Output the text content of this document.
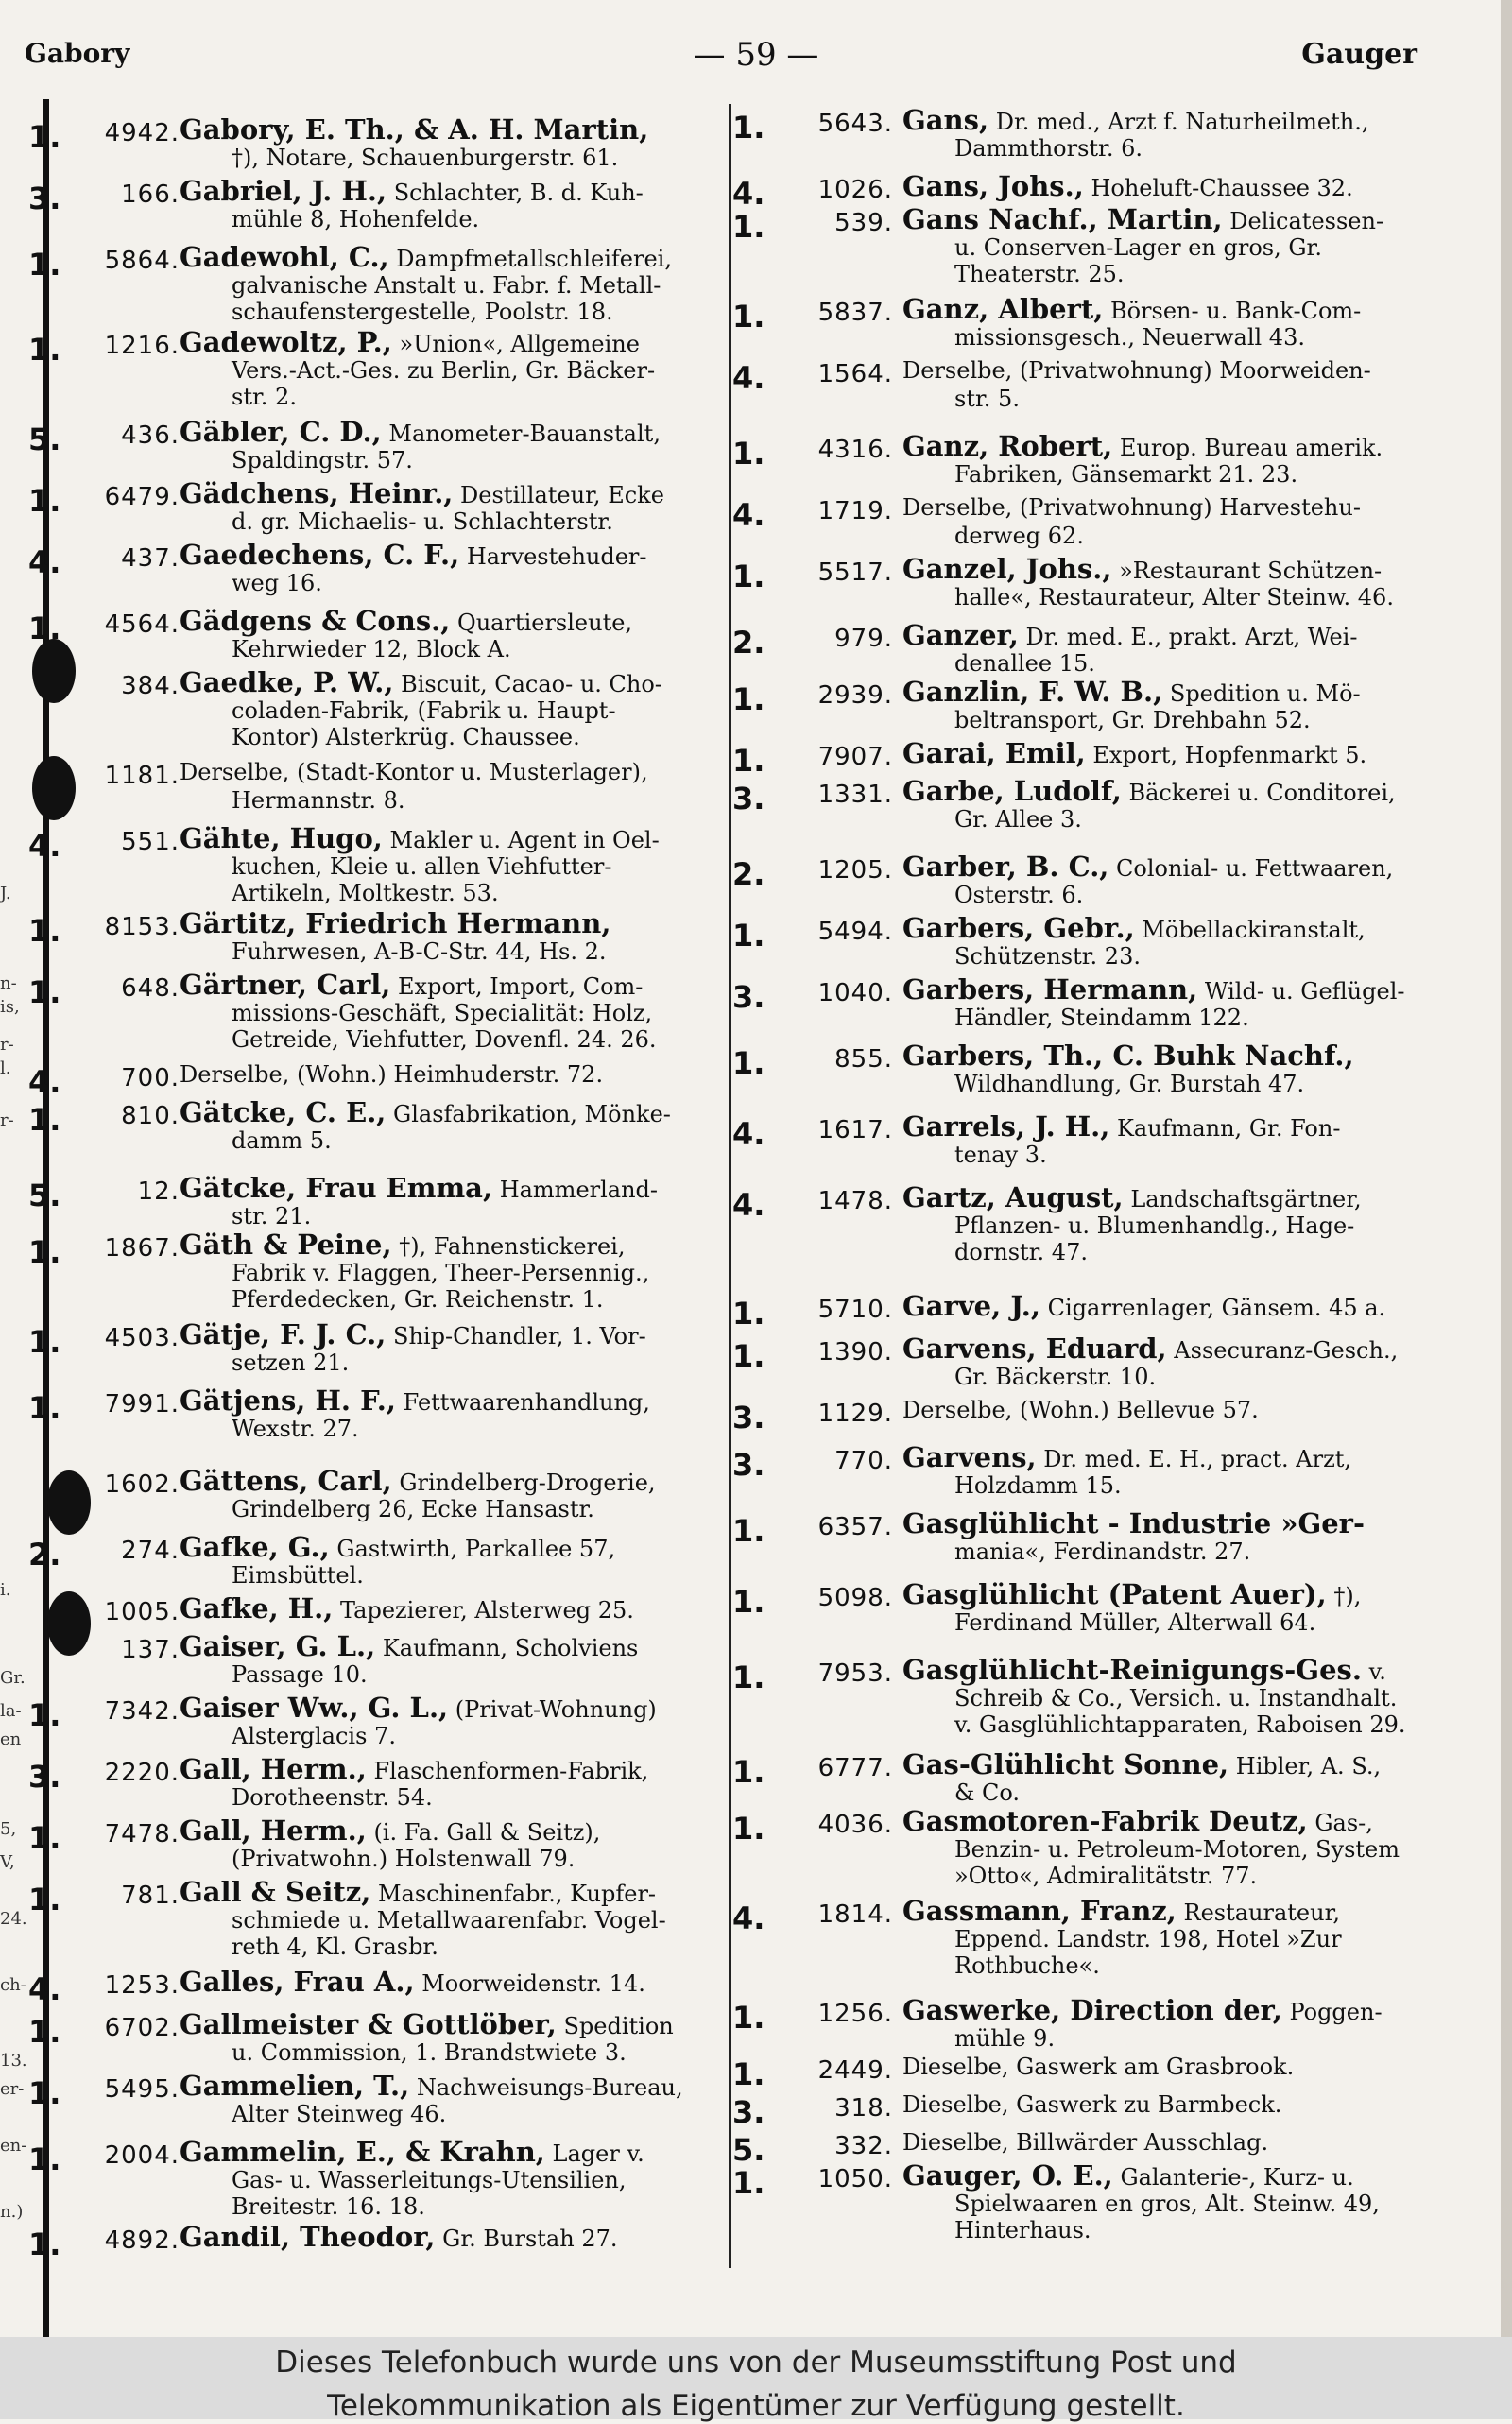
Gabory	— 59 —	Gauger
i.
Gr.
la-
en
5,
V,
24.
ch-
13.
er-
en-
n.)
J.
n-
is,
r-
l.
r-
1.	4942. Gabory, E. Th., & A. H. Martin,
†), Notare, Schauenburgerstr. 61.
3.	166. Gabriel, J. H., Schlachter, B. d. Kuh-
mühle 8, Hohenfelde.
1.	5864. Gadewohl, C., Dampfmetallschleiferei,
galvanische Anstalt u. Fabr. f. Metall-
schaufenstergestelle, Poolstr. 18.
1.	1216. Gadewoltz, P., »Union«, Allgemeine
Vers.-Act.-Ges. zu Berlin, Gr. Bäcker-
str. 2.
5.	436. Gäbler, C. D., Manometer-Bauanstalt,
Spaldingstr. 57.
1.	6479. Gädchens, Heinr., Destillateur, Ecke
d. gr. Michaelis- u. Schlachterstr.
4.	437. Gaedechens, C. F., Harvestehuder-
weg 16.
1.	4564. Gädgens & Cons., Quartiersleute,
Kehrwieder 12, Block A.
384. Gaedke, P. W., Biscuit, Cacao- u. Cho-
coladen-Fabrik, (Fabrik u. Haupt-
Kontor) Alsterkrüg. Chaussee.
1181. Derselbe, (Stadt-Kontor u. Musterlager),
Hermannstr. 8.
4.	551. Gähte, Hugo, Makler u. Agent in Oel-
kuchen, Kleie u. allen Viehfutter-
Artikeln, Moltkestr. 53.
1.	8153. Gärtitz, Friedrich Hermann,
Fuhrwesen, A-B-C-Str. 44, Hs. 2.
1.	648. Gärtner, Carl, Export, Import, Com-
missions-Geschäft, Specialität: Holz,
Getreide, Viehfutter, Dovenfl. 24. 26.
4.	700. Derselbe, (Wohn.) Heimhuderstr. 72.
1.	810. Gätcke, C. E., Glasfabrikation, Mönke-
damm 5.
5.	12. Gätcke, Frau Emma, Hammerland-
str. 21.
1.	1867. Gäth & Peine, †), Fahnenstickerei,
Fabrik v. Flaggen, Theer-Persennig.,
Pferdedecken, Gr. Reichenstr. 1.
1.	4503. Gätje, F. J. C., Ship-Chandler, 1. Vor-
setzen 21.
1.	7991. Gätjens, H. F., Fettwaarenhandlung,
Wexstr. 27.
1602. Gättens, Carl, Grindelberg-Drogerie,
Grindelberg 26, Ecke Hansastr.
2.	274. Gafke, G., Gastwirth, Parkallee 57,
Eimsbüttel.
1005. Gafke, H., Tapezierer, Alsterweg 25.
137. Gaiser, G. L., Kaufmann, Scholviens
Passage 10.
1.	7342. Gaiser Ww., G. L., (Privat-Wohnung)
Alsterglacis 7.
3.	2220. Gall, Herm., Flaschenformen-Fabrik,
Dorotheenstr. 54.
1.	7478. Gall, Herm., (i. Fa. Gall & Seitz),
(Privatwohn.) Holstenwall 79.
1.	781. Gall & Seitz, Maschinenfabr., Kupfer-
schmiede u. Metallwaarenfabr. Vogel-
reth 4, Kl. Grasbr.
4.	1253. Galles, Frau A., Moorweidenstr. 14.
1.	6702. Gallmeister & Gottlöber, Spedition
u. Commission, 1. Brandstwiete 3.
1.	5495. Gammelien, T., Nachweisungs-Bureau,
Alter Steinweg 46.
1.	2004. Gammelin, E., & Krahn, Lager v.
Gas- u. Wasserleitungs-Utensilien,
Breitestr. 16. 18.
1.	4892. Gandil, Theodor, Gr. Burstah 27.
1.	5643. Gans, Dr. med., Arzt f. Naturheilmeth.,
Dammthorstr. 6.
4.	1026. Gans, Johs., Hoheluft-Chaussee 32.
1.	539. Gans Nachf., Martin, Delicatessen-
u. Conserven-Lager en gros, Gr.
Theaterstr. 25.
1.	5837. Ganz, Albert, Börsen- u. Bank-Com-
missionsgesch., Neuerwall 43.
4.	1564. Derselbe, (Privatwohnung) Moorweiden-
str. 5.
1.	4316. Ganz, Robert, Europ. Bureau amerik.
Fabriken, Gänsemarkt 21. 23.
4.	1719. Derselbe, (Privatwohnung) Harvestehu-
derweg 62.
1.	5517. Ganzel, Johs., »Restaurant Schützen-
halle«, Restaurateur, Alter Steinw. 46.
2.	979. Ganzer, Dr. med. E., prakt. Arzt, Wei-
denallee 15.
1.	2939. Ganzlin, F. W. B., Spedition u. Mö-
beltransport, Gr. Drehbahn 52.
1.	7907. Garai, Emil, Export, Hopfenmarkt 5.
3.	1331. Garbe, Ludolf, Bäckerei u. Conditorei,
Gr. Allee 3.
2.	1205. Garber, B. C., Colonial- u. Fettwaaren,
Osterstr. 6.
1.	5494. Garbers, Gebr., Möbellackiranstalt,
Schützenstr. 23.
3.	1040. Garbers, Hermann, Wild- u. Geflügel-
Händler, Steindamm 122.
1.	855. Garbers, Th., C. Buhk Nachf.,
Wildhandlung, Gr. Burstah 47.
4.	1617. Garrels, J. H., Kaufmann, Gr. Fon-
tenay 3.
4.	1478. Gartz, August, Landschaftsgärtner,
Pflanzen- u. Blumenhandlg., Hage-
dornstr. 47.
1.	5710. Garve, J., Cigarrenlager, Gänsem. 45 a.
1.	1390. Garvens, Eduard, Assecuranz-Gesch.,
Gr. Bäckerstr. 10.
3.	1129. Derselbe, (Wohn.) Bellevue 57.
3.	770. Garvens, Dr. med. E. H., pract. Arzt,
Holzdamm 15.
1.	6357. Gasglühlicht - Industrie »Ger-
mania«, Ferdinandstr. 27.
1.	5098. Gasglühlicht (Patent Auer), †),
Ferdinand Müller, Alterwall 64.
1.	7953. Gasglühlicht-Reinigungs-Ges. v.
Schreib & Co., Versich. u. Instandhalt.
v. Gasglühlichtapparaten, Raboisen 29.
1.	6777. Gas-Glühlicht Sonne, Hibler, A. S.,
& Co.
1.	4036. Gasmotoren-Fabrik Deutz, Gas-,
Benzin- u. Petroleum-Motoren, System
»Otto«, Admiralitätstr. 77.
4.	1814. Gassmann, Franz, Restaurateur,
Eppend. Landstr. 198, Hotel »Zur
Rothbuche«.
1.	1256. Gaswerke, Direction der, Poggen-
mühle 9.
1.	2449. Dieselbe, Gaswerk am Grasbrook.
3.	318. Dieselbe, Gaswerk zu Barmbeck.
5.	332. Dieselbe, Billwärder Ausschlag.
1.	1050. Gauger, O. E., Galanterie-, Kurz- u.
Spielwaaren en gros, Alt. Steinw. 49,
Hinterhaus.
Dieses Telefonbuch wurde uns von der Museumsstiftung Post und
Telekommunikation als Eigentümer zur Verfügung gestellt.
